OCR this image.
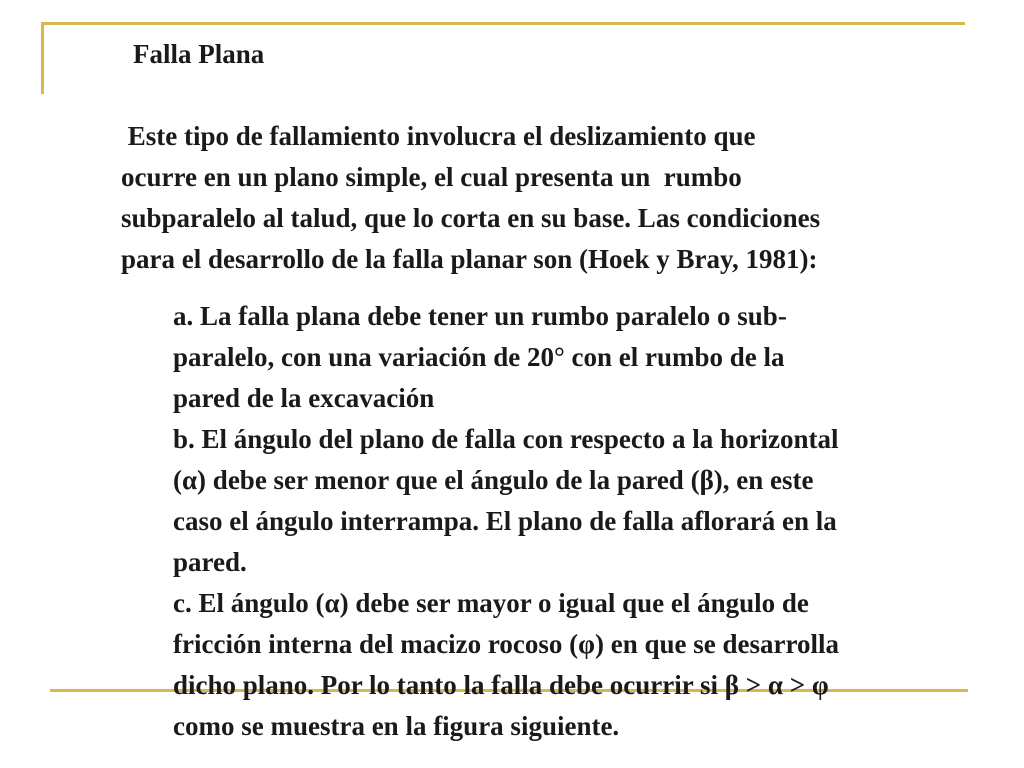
Falla Plana

Este tipo de fallamiento involucra el deslizamiento que
ocurre en un plano simple, el cual presenta un  rumbo
subparalelo al talud, que lo corta en su base. Las condiciones
para el desarrollo de la falla planar son (Hoek y Bray, 1981):

a. La falla plana debe tener un rumbo paralelo o sub-
paralelo, con una variación de 20° con el rumbo de la
pared de la excavación
b. El ángulo del plano de falla con respecto a la horizontal
(α) debe ser menor que el ángulo de la pared (β), en este
caso el ángulo interrampa. El plano de falla aflorará en la
pared.
c. El ángulo (α) debe ser mayor o igual que el ángulo de
fricción interna del macizo rocoso (φ) en que se desarrolla
dicho plano. Por lo tanto la falla debe ocurrir si β > α > φ
como se muestra en la figura siguiente.
